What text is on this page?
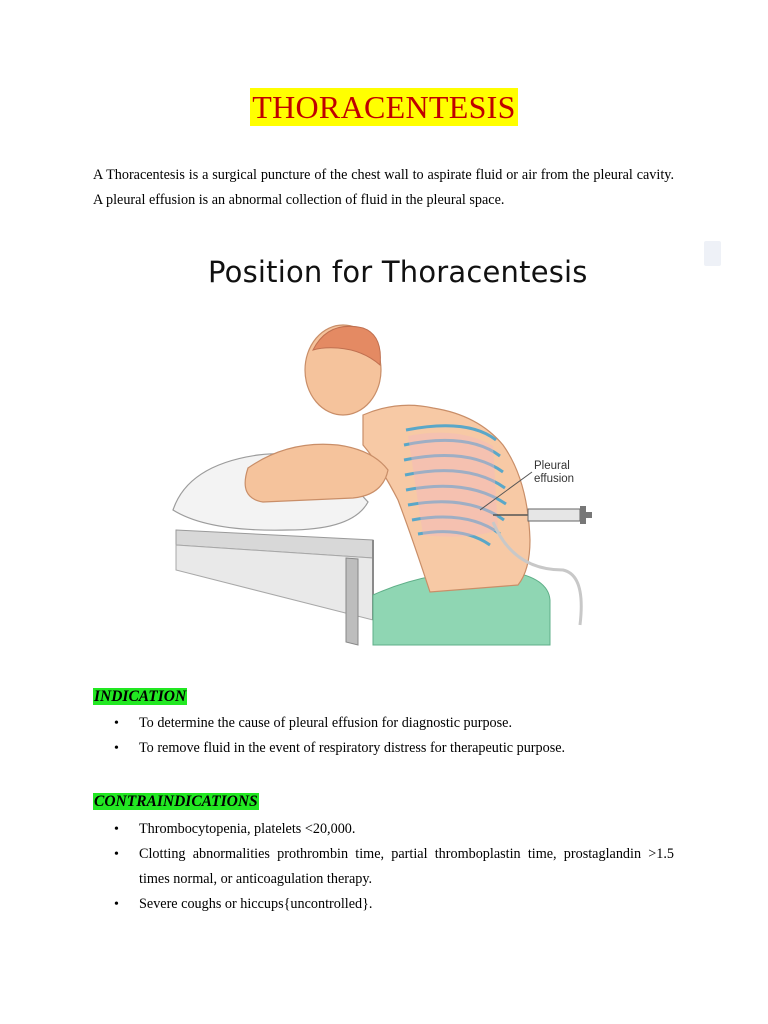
THORACENTESIS

A Thoracentesis is a surgical puncture of the chest wall to aspirate fluid or air from the pleural cavity. A pleural effusion is an abnormal collection of fluid in the pleural space.

Position for Thoracentesis
Pleural
effusion
INDICATION
• To determine the cause of pleural effusion for diagnostic purpose.
• To remove fluid in the event of respiratory distress for therapeutic purpose.
CONTRAINDICATIONS
• Thrombocytopenia, platelets <20,000.
• Clotting abnormalities prothrombin time, partial thromboplastin time, prostaglandin >1.5 times normal, or anticoagulation therapy.
• Severe coughs or hiccups{uncontrolled}.
